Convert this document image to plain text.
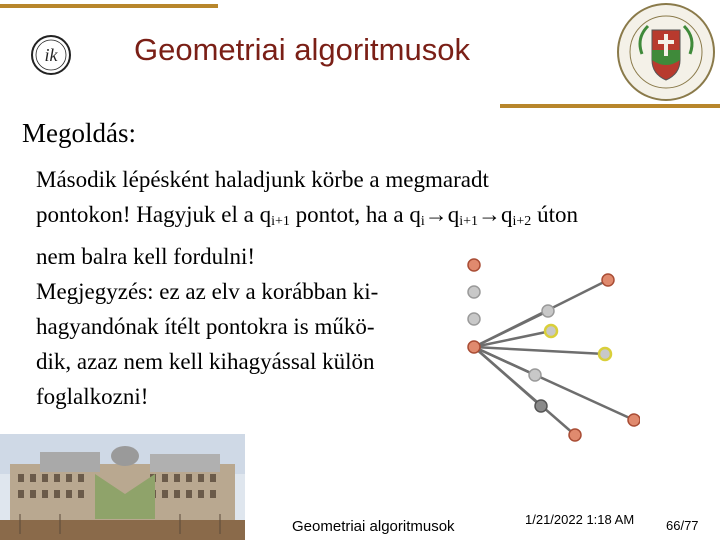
ik Geometriai algoritmusok
Megoldás:
Második lépésként haladjunk körbe a megmaradt
pontokon! Hagyjuk el a $q_{i+1}$ pontot, ha a $q_i\to q_{i+1}\to q_{i+2}$ úton
nem balra kell fordulni!
Megjegyzés: ez az elv a korábban ki-
hagyandónak ítélt pontokra is műkö-
dik, azaz nem kell kihagyással külön
foglalkozni!
Geometriai algoritmusok	1/21/2022 1:18 AM 66/77
